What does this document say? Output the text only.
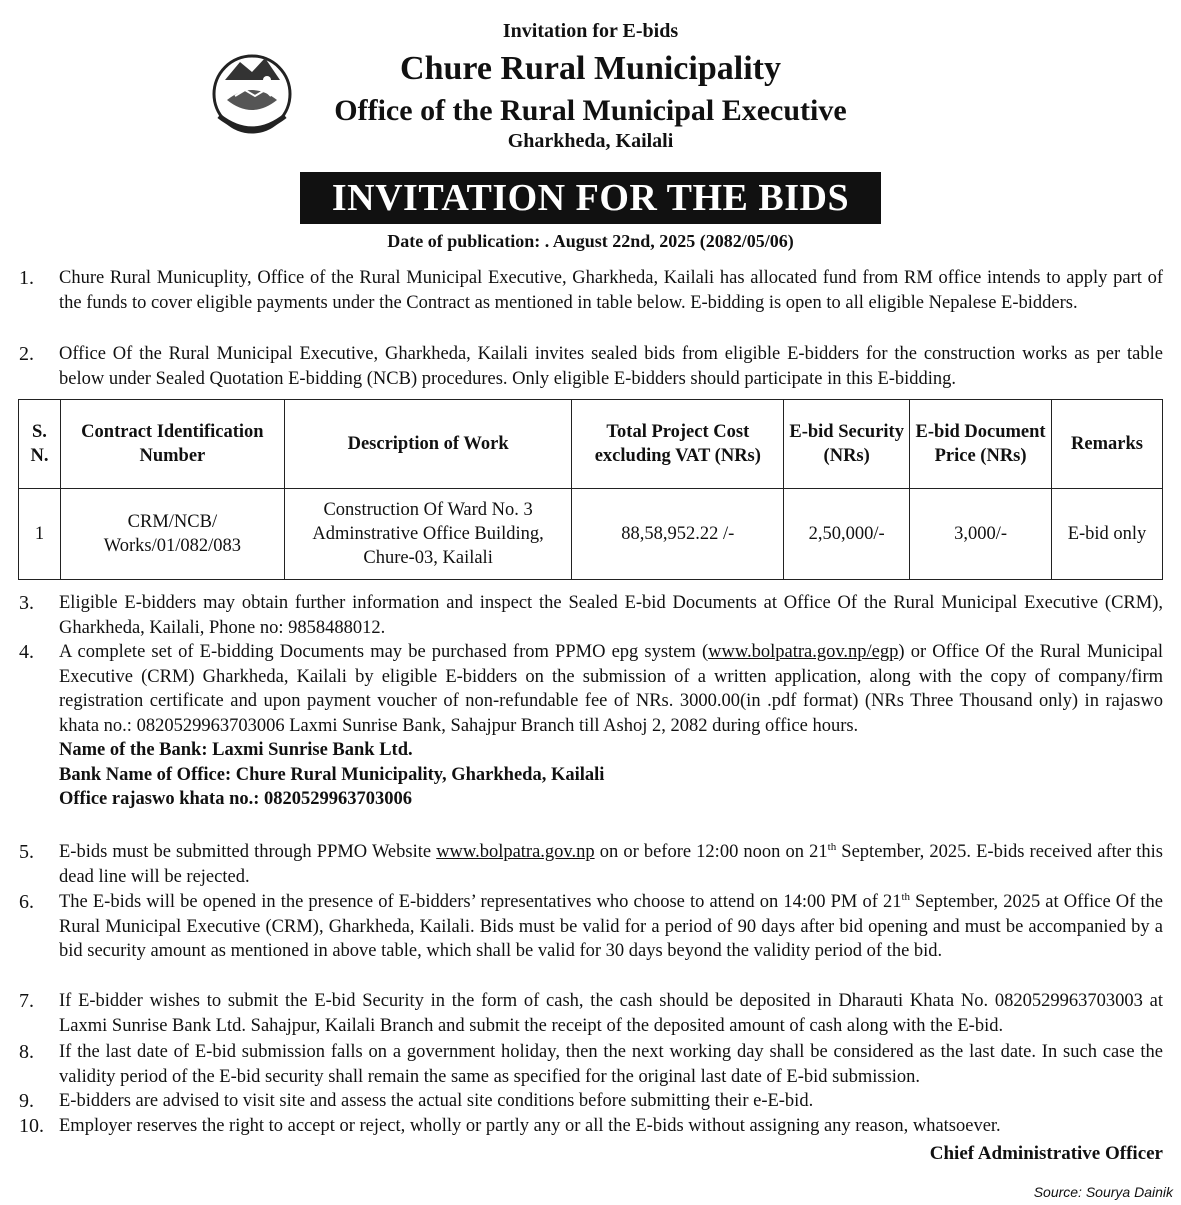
Invitation for E-bids
Chure Rural Municipality
Office of the Rural Municipal Executive
Gharkheda, Kailali
INVITATION FOR THE BIDS
Date of publication: . August 22nd, 2025 (2082/05/06)
1.	Chure Rural Municuplity, Office of the Rural Municipal Executive, Gharkheda, Kailali has allocated fund from RM office intends to apply part of the funds to cover eligible payments under the Contract as mentioned in table below. E-bidding is open to all eligible Nepalese E-bidders.
2.	Office Of the Rural Municipal Executive, Gharkheda, Kailali invites sealed bids from eligible E-bidders for the construction works as per table below under Sealed Quotation E-bidding (NCB) procedures. Only eligible E-bidders should participate in this E-bidding.
S. N.	Contract Identification Number	Description of Work	Total Project Cost excluding VAT (NRs)	E-bid Security (NRs)	E-bid Document Price (NRs)	Remarks
1	CRM/NCB/ Works/01/082/083	Construction Of Ward No. 3 Adminstrative Office Building, Chure-03, Kailali	88,58,952.22 /-	2,50,000/-	3,000/-	E-bid only
3.	Eligible E-bidders may obtain further information and inspect the Sealed E-bid Documents at Office Of the Rural Municipal Executive (CRM), Gharkheda, Kailali, Phone no: 9858488012.
4.	A complete set of E-bidding Documents may be purchased from PPMO epg system (www.bolpatra.gov.np/egp) or Office Of the Rural Municipal Executive (CRM) Gharkheda, Kailali by eligible E-bidders on the submission of a written application, along with the copy of company/firm registration certificate and upon payment voucher of non-refundable fee of NRs. 3000.00(in .pdf format) (NRs Three Thousand only) in rajaswo khata no.: 0820529963703006 Laxmi Sunrise Bank, Sahajpur Branch till Ashoj 2, 2082 during office hours.
Name of the Bank: Laxmi Sunrise Bank Ltd.
Bank Name of Office: Chure Rural Municipality, Gharkheda, Kailali
Office rajaswo khata no.: 0820529963703006
5.	E-bids must be submitted through PPMO Website www.bolpatra.gov.np on or before 12:00 noon on 21th September, 2025. E-bids received after this dead line will be rejected.
6.	The E-bids will be opened in the presence of E-bidders’ representatives who choose to attend on 14:00 PM of 21th September, 2025 at Office Of the Rural Municipal Executive (CRM), Gharkheda, Kailali. Bids must be valid for a period of 90 days after bid opening and must be accompanied by a bid security amount as mentioned in above table, which shall be valid for 30 days beyond the validity period of the bid.
7.	If E-bidder wishes to submit the E-bid Security in the form of cash, the cash should be deposited in Dharauti Khata No. 0820529963703003 at Laxmi Sunrise Bank Ltd. Sahajpur, Kailali Branch and submit the receipt of the deposited amount of cash along with the E-bid.
8.	If the last date of E-bid submission falls on a government holiday, then the next working day shall be considered as the last date. In such case the validity period of the E-bid security shall remain the same as specified for the original last date of E-bid submission.
9.	E-bidders are advised to visit site and assess the actual site conditions before submitting their e-E-bid.
10. Employer reserves the right to accept or reject, wholly or partly any or all the E-bids without assigning any reason, whatsoever.
Chief Administrative Officer
Source: Sourya Dainik
